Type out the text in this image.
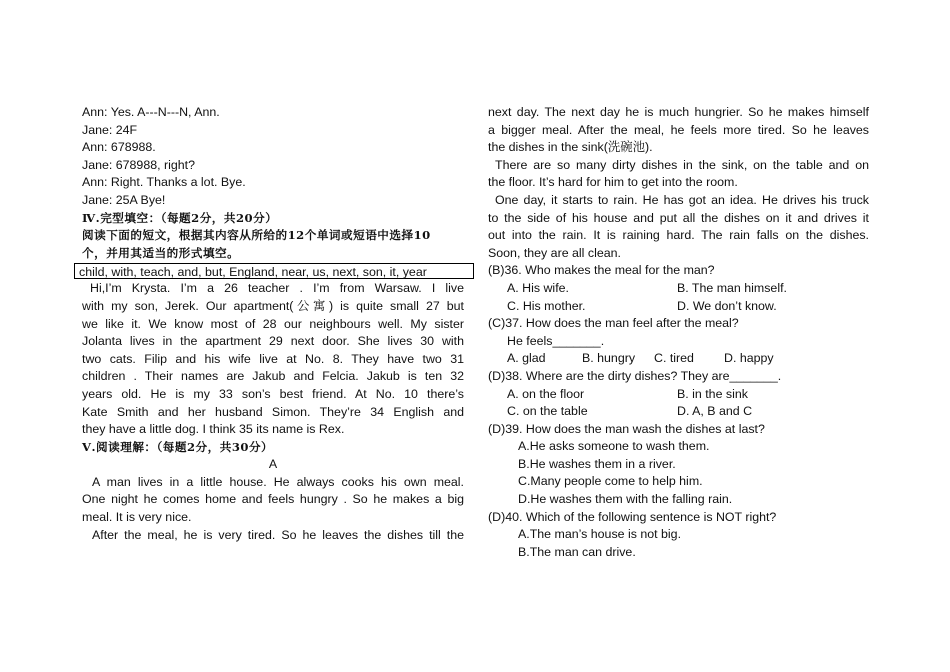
Ann: Yes. A---N---N, Ann.
Jane: 24F
Ann: 678988.
Jane: 678988, right?
Ann: Right. Thanks a lot. Bye.
Jane: 25A Bye!
Ⅳ.完型填空：（每题2分，共20分）
阅读下面的短文，根据其内容从所给的12个单词或短语中选择10
个，并用其适当的形式填空。
child, with, teach, and, but, England, near, us, next, son, it, year
Hi,I’m Krysta. I’m a 26 teacher . I’m from Warsaw. I live
with my son, Jerek. Our apartment(公寓) is quite small 27 but
we like it. We know most of 28 our neighbours well. My sister
Jolanta lives in the apartment 29 next door. She lives 30 with
two cats. Filip and his wife live at No. 8. They have two 31
children . Their names are Jakub and Felcia. Jakub is ten 32
years old. He is my 33 son’s best friend. At No. 10 there’s
Kate Smith and her husband Simon. They’re 34 English and
they have a little dog. I think 35 its name is Rex.
Ⅴ.阅读理解：（每题2分，共30分）
A
A man lives in a little house. He always cooks his own meal.
One night he comes home and feels hungry . So he makes a big
meal. It is very nice.
After the meal, he is very tired. So he leaves the dishes till the
next day. The next day he is much hungrier. So he makes himself
a bigger meal. After the meal, he feels more tired. So he leaves
the dishes in the sink(洗碗池).
There are so many dirty dishes in the sink, on the table and on
the floor. It’s hard for him to get into the room.
One day, it starts to rain. He has got an idea. He drives his truck
to the side of his house and put all the dishes on it and drives it
out into the rain. It is raining hard. The rain falls on the dishes.
Soon, they are all clean.
(B)36. Who makes the meal for the man?
A. His wife.	B. The man himself.
C. His mother.	D. We don’t know.
(C)37. How does the man feel after the meal?
He feels_______.
A. glad	B. hungry C. tired D. happy
(D)38. Where are the dirty dishes? They are_______.
A. on the floor	B. in the sink
C. on the table	D. A, B and C
(D)39. How does the man wash the dishes at last?
A.He asks someone to wash them.
B.He washes them in a river.
C.Many people come to help him.
D.He washes them with the falling rain.
(D)40. Which of the following sentence is NOT right?
A.The man’s house is not big.
B.The man can drive.
